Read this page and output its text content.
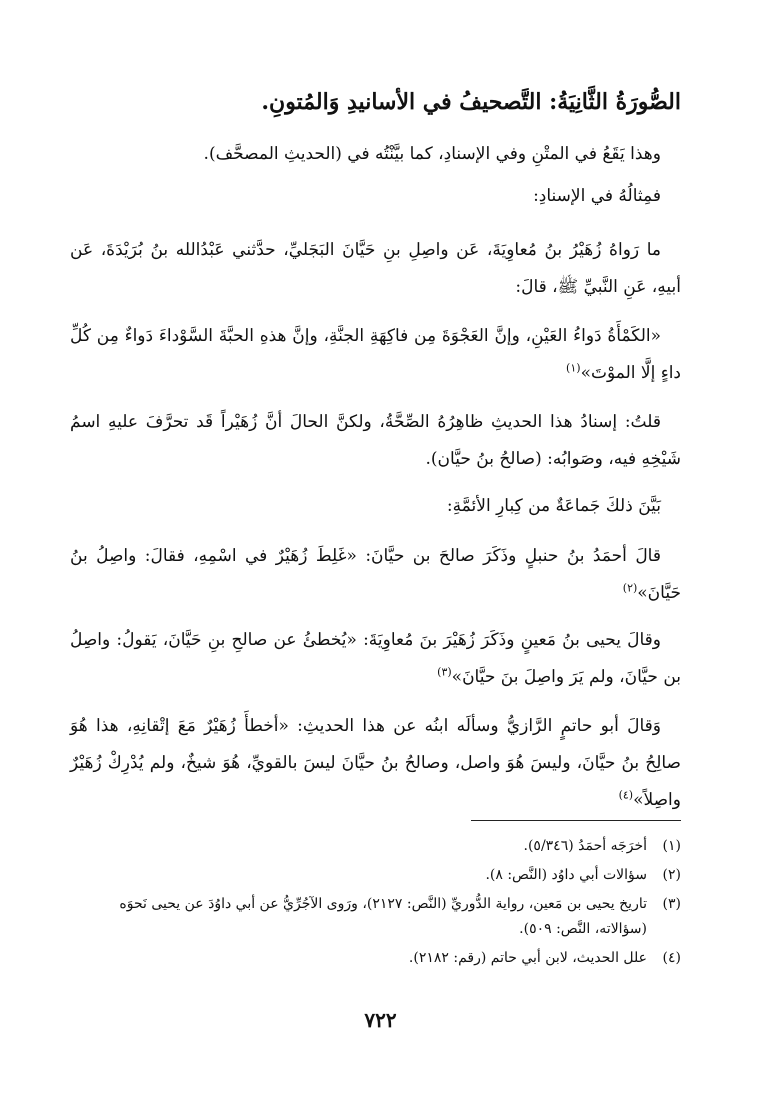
الصُّورَةُ الثَّانِيَةُ: التَّصحيفُ في الأسانيدِ وَالمُتونِ.
وهذا يَقَعُ في المتْنِ وفي الإسنادِ، كما بيَّنْتُه في (الحديثِ المصحَّف).
فمِثالُهُ في الإسنادِ:
ما رَواهُ زُهَيْرُ بنُ مُعاوِيَةَ، عَن واصِلِ بنِ حَيَّانَ البَجَليِّ، حدَّثني عَبْدُالله بنُ بُرَيْدَةَ، عَن أبيهِ، عَنِ النَّبيِّ ﷺ، قالَ:
«الكَمْأَةُ دَواءُ العَيْنِ، وإنَّ العَجْوَةَ مِن فاكِهَةِ الجنَّةِ، وإنَّ هذهِ الحبَّةَ السَّوْداءَ دَواءٌ مِن كُلِّ داءٍ إلَّا الموْتَ»$^{(١)}$
قلتُ: إسنادُ هذا الحديثِ ظاهِرُهُ الصِّحَّةُ، ولكنَّ الحالَ أنَّ زُهَيْراً قَد تحرَّفَ عليهِ اسمُ شَيْخِهِ فيه، وصَوابُه: (صالحُ بنُ حيَّان).
بَيَّنَ ذلكَ جَماعَةٌ من كِبارِ الأئمَّةِ:
قالَ أحمَدُ بنُ حنبلٍ وذَكَرَ صالحَ بن حيَّانَ: «غَلِطَ زُهَيْرٌ في اسْمِهِ، فقالَ: واصِلُ بنُ حَيَّانَ»$^{(٢)}$
وقالَ يحيى بنُ مَعينٍ وذَكَرَ زُهَيْرَ بنَ مُعاوِيَةَ: «يُخطئُ عن صالحِ بنِ حَيَّانَ، يَقولُ: واصِلُ بن حيَّانَ، ولم يَرَ واصِلَ بنَ حيَّانَ»$^{(٣)}$
وَقالَ أبو حاتمٍ الرَّازيُّ وسألَه ابنُه عن هذا الحديثِ: «أخطأَ زُهَيْرٌ مَعَ إتْقانِهِ، هذا هُوَ صالِحُ بنُ حيَّانَ، وليسَ هُوَ واصل، وصالحُ بنُ حيَّانَ ليسَ بالقويِّ، هُوَ شيخٌ، ولم يُدْرِكْ زُهَيْرٌ واصِلاً»$^{(٤)}$
(١)
أخرَجَه أحمَدُ (٥/٣٤٦).
(٢)
سؤالات أبي داوُد (النَّص: ٨).
(٣)
تاريخ يحيى بن مَعين، رواية الدُّوريِّ (النَّص: ٢١٢٧)، ورَوى الآجُرِّيُّ عن أبي داوُدَ عن يحيى نَحوَه (سؤالاته، النَّص: ٥٠٩).
(٤)
علل الحديث، لابن أبي حاتم (رقم: ٢١٨٢).
٧٢٢
